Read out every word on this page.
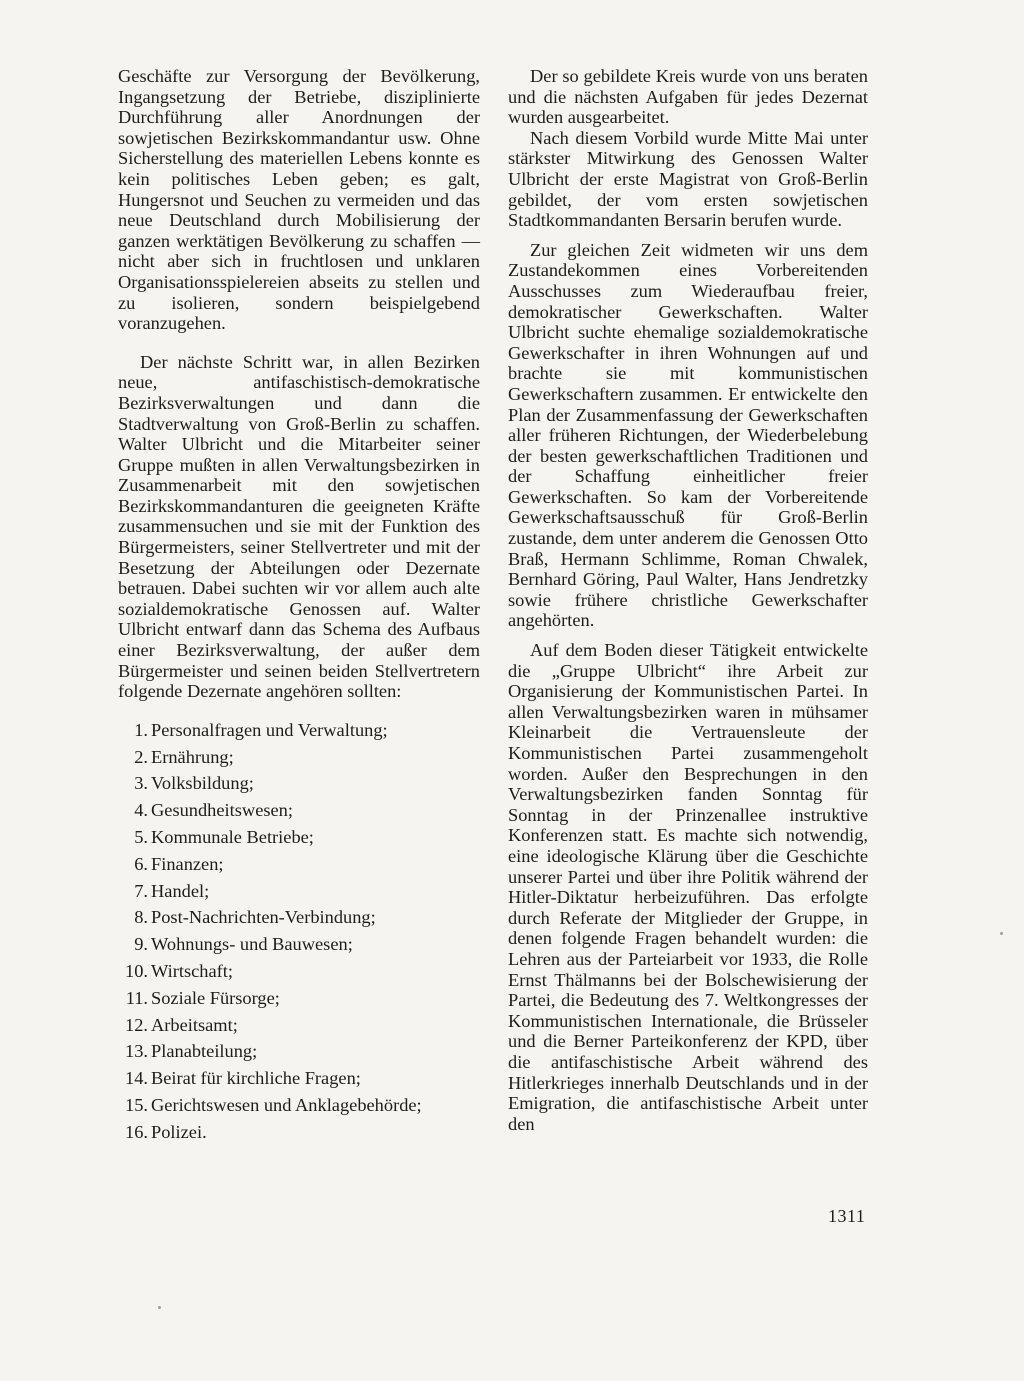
Geschäfte zur Versorgung der Bevölkerung, Ingangsetzung der Betriebe, disziplinierte Durchführung aller Anordnungen der sowjetischen Bezirkskommandantur usw. Ohne Sicherstellung des materiellen Lebens konnte es kein politisches Leben geben; es galt, Hungersnot und Seuchen zu vermeiden und das neue Deutschland durch Mobilisierung der ganzen werktätigen Bevölkerung zu schaffen — nicht aber sich in fruchtlosen und unklaren Organisationsspielereien abseits zu stellen und zu isolieren, sondern beispielgebend voranzugehen.

Der nächste Schritt war, in allen Bezirken neue, antifaschistisch-demokratische Bezirksverwaltungen und dann die Stadtverwaltung von Groß-Berlin zu schaffen. Walter Ulbricht und die Mitarbeiter seiner Gruppe mußten in allen Verwaltungsbezirken in Zusammenarbeit mit den sowjetischen Bezirkskommandanturen die geeigneten Kräfte zusammensuchen und sie mit der Funktion des Bürgermeisters, seiner Stellvertreter und mit der Besetzung der Abteilungen oder Dezernate betrauen. Dabei suchten wir vor allem auch alte sozialdemokratische Genossen auf. Walter Ulbricht entwarf dann das Schema des Aufbaus einer Bezirksverwaltung, der außer dem Bürgermeister und seinen beiden Stellvertretern folgende Dezernate angehören sollten:

1. Personalfragen und Verwaltung;
2. Ernährung;
3. Volksbildung;
4. Gesundheitswesen;
5. Kommunale Betriebe;
6. Finanzen;
7. Handel;
8. Post-Nachrichten-Verbindung;
9. Wohnungs- und Bauwesen;
10. Wirtschaft;
11. Soziale Fürsorge;
12. Arbeitsamt;
13. Planabteilung;
14. Beirat für kirchliche Fragen;
15. Gerichtswesen und Anklagebehörde;
16. Polizei.

Der so gebildete Kreis wurde von uns beraten und die nächsten Aufgaben für jedes Dezernat wurden ausgearbeitet.

Nach diesem Vorbild wurde Mitte Mai unter stärkster Mitwirkung des Genossen Walter Ulbricht der erste Magistrat von Groß-Berlin gebildet, der vom ersten sowjetischen Stadtkommandanten Bersarin berufen wurde.

Zur gleichen Zeit widmeten wir uns dem Zustandekommen eines Vorbereitenden Ausschusses zum Wiederaufbau freier, demokratischer Gewerkschaften. Walter Ulbricht suchte ehemalige sozialdemokratische Gewerkschafter in ihren Wohnungen auf und brachte sie mit kommunistischen Gewerkschaftern zusammen. Er entwickelte den Plan der Zusammenfassung der Gewerkschaften aller früheren Richtungen, der Wiederbelebung der besten gewerkschaftlichen Traditionen und der Schaffung einheitlicher freier Gewerkschaften. So kam der Vorbereitende Gewerkschaftsausschuß für Groß-Berlin zustande, dem unter anderem die Genossen Otto Braß, Hermann Schlimme, Roman Chwalek, Bernhard Göring, Paul Walter, Hans Jendretzky sowie frühere christliche Gewerkschafter angehörten.

Auf dem Boden dieser Tätigkeit entwickelte die „Gruppe Ulbricht“ ihre Arbeit zur Organisierung der Kommunistischen Partei. In allen Verwaltungsbezirken waren in mühsamer Kleinarbeit die Vertrauensleute der Kommunistischen Partei zusammengeholt worden. Außer den Besprechungen in den Verwaltungsbezirken fanden Sonntag für Sonntag in der Prinzenallee instruktive Konferenzen statt. Es machte sich notwendig, eine ideologische Klärung über die Geschichte unserer Partei und über ihre Politik während der Hitler-Diktatur herbeizuführen. Das erfolgte durch Referate der Mitglieder der Gruppe, in denen folgende Fragen behandelt wurden: die Lehren aus der Parteiarbeit vor 1933, die Rolle Ernst Thälmanns bei der Bolschewisierung der Partei, die Bedeutung des 7. Weltkongresses der Kommunistischen Internationale, die Brüsseler und die Berner Parteikonferenz der KPD, über die antifaschistische Arbeit während des Hitlerkrieges innerhalb Deutschlands und in der Emigration, die antifaschistische Arbeit unter den

1311
